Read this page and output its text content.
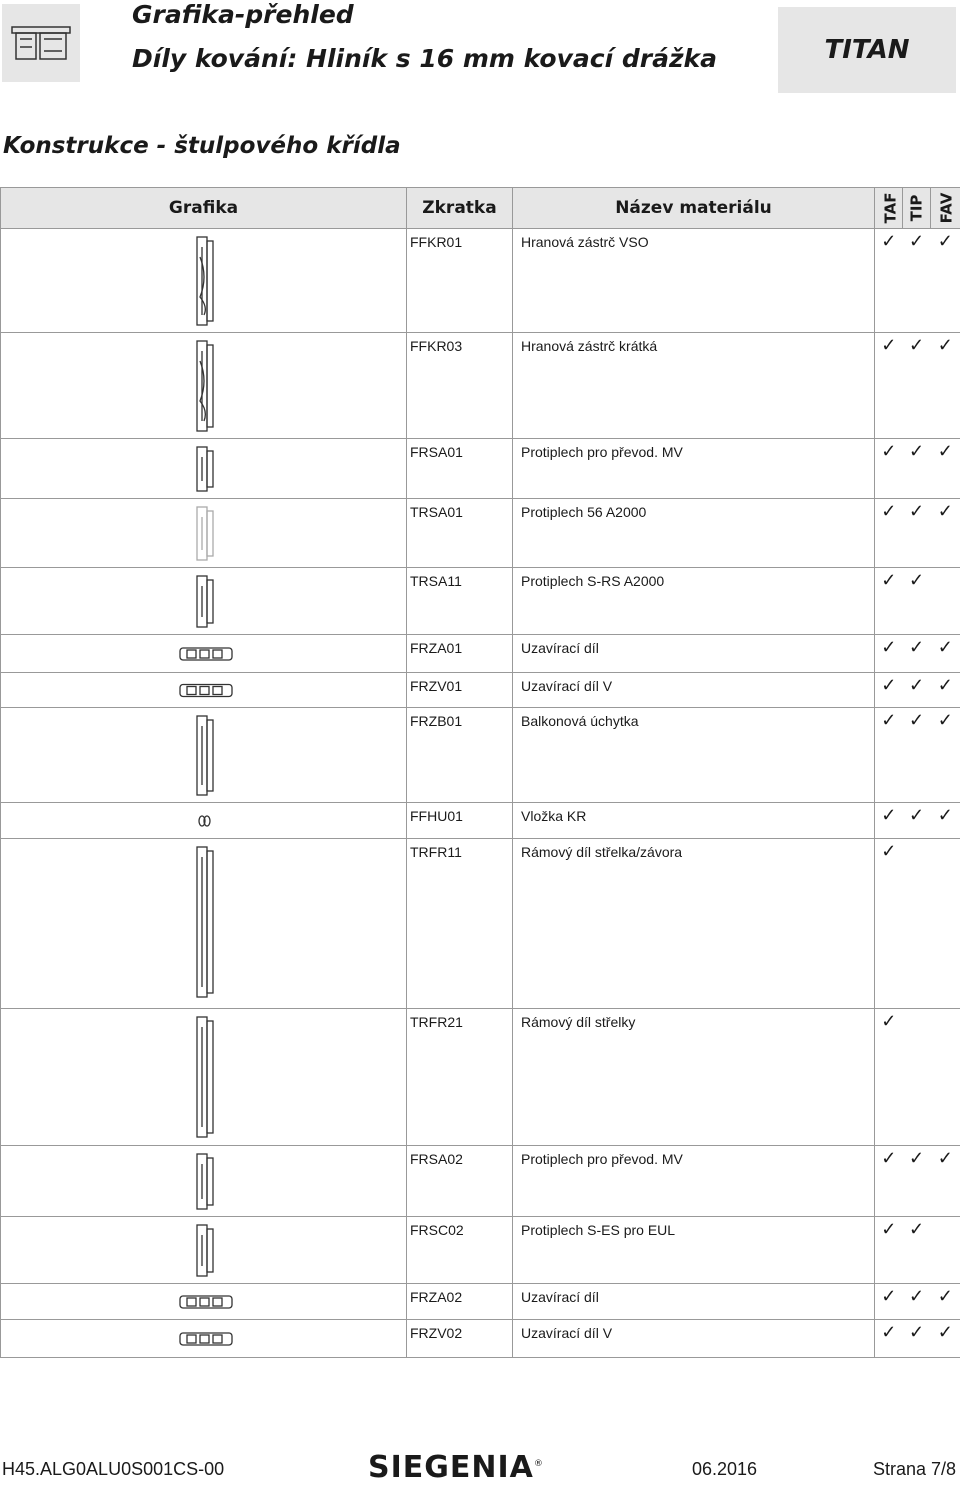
Grafika-přehled
Díly kování: Hliník s 16 mm kovací drážka	TITAN
Konstrukce - štulpového křídla
Grafika	Zkratka	Název materiálu	TAF	TIP	FAV

	FFKR01	Hranová zástrč VSO	✓	✓	✓

	FFKR03	Hranová zástrč krátká	✓	✓	✓

	FRSA01	Protiplech pro převod. MV	✓	✓	✓

	TRSA01	Protiplech 56 A2000	✓	✓	✓

	TRSA11	Protiplech S-RS A2000	✓	✓	

	FRZA01	Uzavírací díl	✓	✓	✓

	FRZV01	Uzavírací díl V	✓	✓	✓

	FRZB01	Balkonová úchytka	✓	✓	✓

	FFHU01	Vložka KR	✓	✓	✓

	TRFR11	Rámový díl střelka/závora	✓		

	TRFR21	Rámový díl střelky	✓		

	FRSA02	Protiplech pro převod. MV	✓	✓	✓

	FRSC02	Protiplech S-ES pro EUL	✓	✓	

	FRZA02	Uzavírací díl	✓	✓	✓

	FRZV02	Uzavírací díl V	✓	✓	✓
H45.ALG0ALU0S001CS-00	SIEGENIA®	06.2016	Strana 7/8
